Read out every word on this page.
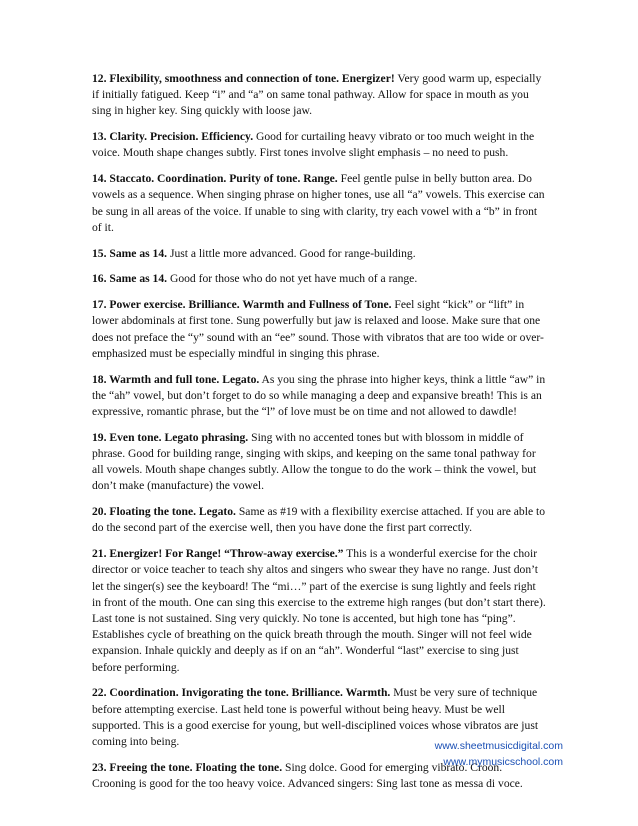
12. Flexibility, smoothness and connection of tone. Energizer! Very good warm up, especially if initially fatigued. Keep “i” and “a” on same tonal pathway. Allow for space in mouth as you sing in higher key. Sing quickly with loose jaw.

13. Clarity. Precision. Efficiency. Good for curtailing heavy vibrato or too much weight in the voice. Mouth shape changes subtly. First tones involve slight emphasis – no need to push.

14. Staccato. Coordination. Purity of tone. Range. Feel gentle pulse in belly button area. Do vowels as a sequence. When singing phrase on higher tones, use all “a” vowels. This exercise can be sung in all areas of the voice. If unable to sing with clarity, try each vowel with a “b” in front of it.

15. Same as 14. Just a little more advanced. Good for range-building.

16. Same as 14. Good for those who do not yet have much of a range.

17. Power exercise. Brilliance. Warmth and Fullness of Tone. Feel sight “kick” or “lift” in lower abdominals at first tone. Sung powerfully but jaw is relaxed and loose. Make sure that one does not preface the “y” sound with an “ee” sound. Those with vibratos that are too wide or over-emphasized must be especially mindful in singing this phrase.

18. Warmth and full tone. Legato. As you sing the phrase into higher keys, think a little “aw” in the “ah” vowel, but don’t forget to do so while managing a deep and expansive breath! This is an expressive, romantic phrase, but the “l” of love must be on time and not allowed to dawdle!

19. Even tone. Legato phrasing. Sing with no accented tones but with blossom in middle of phrase. Good for building range, singing with skips, and keeping on the same tonal pathway for all vowels. Mouth shape changes subtly. Allow the tongue to do the work – think the vowel, but don’t make (manufacture) the vowel.

20. Floating the tone. Legato. Same as #19 with a flexibility exercise attached. If you are able to do the second part of the exercise well, then you have done the first part correctly.

21. Energizer! For Range! “Throw-away exercise.” This is a wonderful exercise for the choir director or voice teacher to teach shy altos and singers who swear they have no range. Just don’t let the singer(s) see the keyboard! The “mi…” part of the exercise is sung lightly and feels right in front of the mouth. One can sing this exercise to the extreme high ranges (but don’t start there). Last tone is not sustained. Sing very quickly. No tone is accented, but high tone has “ping”. Establishes cycle of breathing on the quick breath through the mouth. Singer will not feel wide expansion. Inhale quickly and deeply as if on an “ah”. Wonderful “last” exercise to sing just before performing.

22. Coordination. Invigorating the tone. Brilliance. Warmth. Must be very sure of technique before attempting exercise. Last held tone is powerful without being heavy. Must be well supported. This is a good exercise for young, but well-disciplined voices whose vibratos are just coming into being.

23. Freeing the tone. Floating the tone. Sing dolce. Good for emerging vibrato. Croon. Crooning is good for the too heavy voice. Advanced singers: Sing last tone as messa di voce.

www.sheetmusicdigital.com
www.mymusicschool.com
